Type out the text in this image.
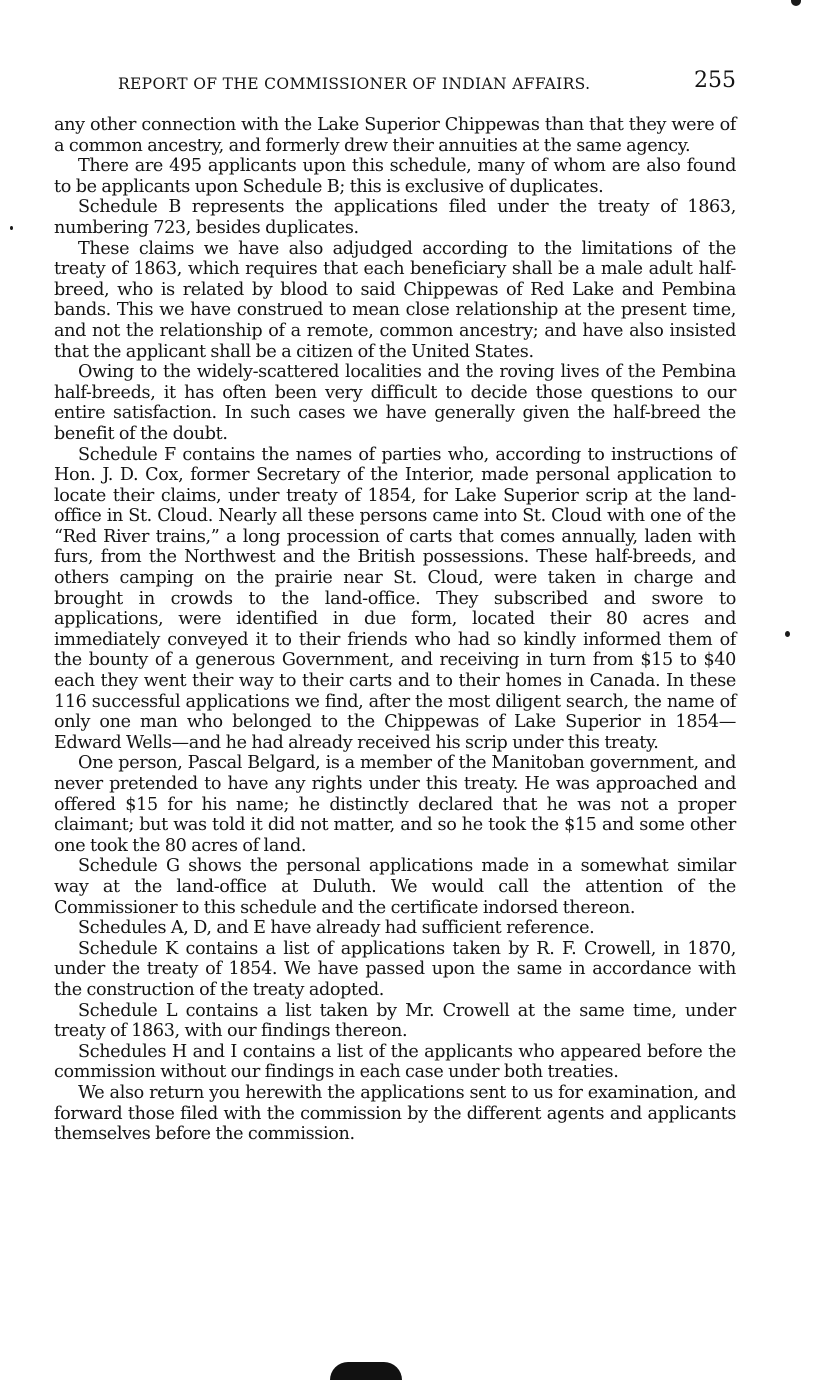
REPORT OF THE COMMISSIONER OF INDIAN AFFAIRS.	255

any other connection with the Lake Superior Chippewas than that they were of a common ancestry, and formerly drew their annuities at the same agency.

There are 495 applicants upon this schedule, many of whom are also found to be applicants upon Schedule B; this is exclusive of duplicates.

Schedule B represents the applications filed under the treaty of 1863, numbering 723, besides duplicates.

These claims we have also adjudged according to the limitations of the treaty of 1863, which requires that each beneficiary shall be a male adult half-breed, who is related by blood to said Chippewas of Red Lake and Pembina bands. This we have construed to mean close relationship at the present time, and not the relationship of a remote, common ancestry; and have also insisted that the applicant shall be a citizen of the United States.

Owing to the widely-scattered localities and the roving lives of the Pembina half-breeds, it has often been very difficult to decide those questions to our entire satisfaction. In such cases we have generally given the half-breed the benefit of the doubt.

Schedule F contains the names of parties who, according to instructions of Hon. J. D. Cox, former Secretary of the Interior, made personal application to locate their claims, under treaty of 1854, for Lake Superior scrip at the land-office in St. Cloud. Nearly all these persons came into St. Cloud with one of the “Red River trains,” a long procession of carts that comes annually, laden with furs, from the Northwest and the British possessions. These half-breeds, and others camping on the prairie near St. Cloud, were taken in charge and brought in crowds to the land-office. They subscribed and swore to applications, were identified in due form, located their 80 acres and immediately conveyed it to their friends who had so kindly informed them of the bounty of a generous Government, and receiving in turn from $15 to $40 each they went their way to their carts and to their homes in Canada. In these 116 successful applications we find, after the most diligent search, the name of only one man who belonged to the Chippewas of Lake Superior in 1854—Edward Wells—and he had already received his scrip under this treaty.

One person, Pascal Belgard, is a member of the Manitoban government, and never pretended to have any rights under this treaty. He was approached and offered $15 for his name; he distinctly declared that he was not a proper claimant; but was told it did not matter, and so he took the $15 and some other one took the 80 acres of land.

Schedule G shows the personal applications made in a somewhat similar way at the land-office at Duluth. We would call the attention of the Commissioner to this schedule and the certificate indorsed thereon.

Schedules A, D, and E have already had sufficient reference.

Schedule K contains a list of applications taken by R. F. Crowell, in 1870, under the treaty of 1854. We have passed upon the same in accordance with the construction of the treaty adopted.

Schedule L contains a list taken by Mr. Crowell at the same time, under treaty of 1863, with our findings thereon.

Schedules H and I contains a list of the applicants who appeared before the commission without our findings in each case under both treaties.

We also return you herewith the applications sent to us for examination, and forward those filed with the commission by the different agents and applicants themselves before the commission.
